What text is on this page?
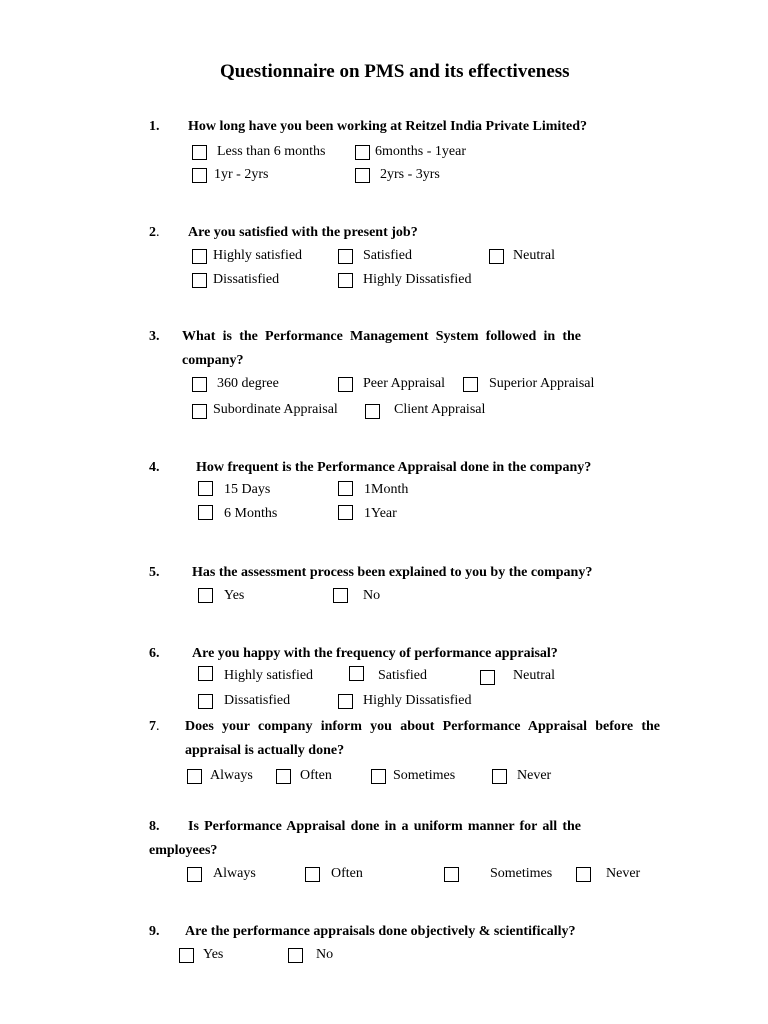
Questionnaire on PMS and its effectiveness
1. How long have you been working at Reitzel India Private Limited?
Less than 6 months	6months - 1year
1yr - 2yrs	2yrs - 3yrs
2. Are you satisfied with the present job?
Highly satisfied	Satisfied	Neutral
Dissatisfied	Highly Dissatisfied
3. What is the Performance Management System followed in the
company?
360 degree	Peer Appraisal	Superior Appraisal
Subordinate Appraisal	Client Appraisal
4.	How frequent is the Performance Appraisal done in the company?
15 Days	1Month
6 Months	1Year
5. Has the assessment process been explained to you by the company?
Yes	No
6. Are you happy with the frequency of performance appraisal?
Highly satisfied	Satisfied	Neutral
Dissatisfied	Highly Dissatisfied
7. Does your company inform you about Performance Appraisal before the
appraisal is actually done?
Always	Often	Sometimes	Never
8. Is Performance Appraisal done in a uniform manner for all the
employees?
Always	Often	Sometimes	Never
9. Are the performance appraisals done objectively & scientifically?
Yes	No
